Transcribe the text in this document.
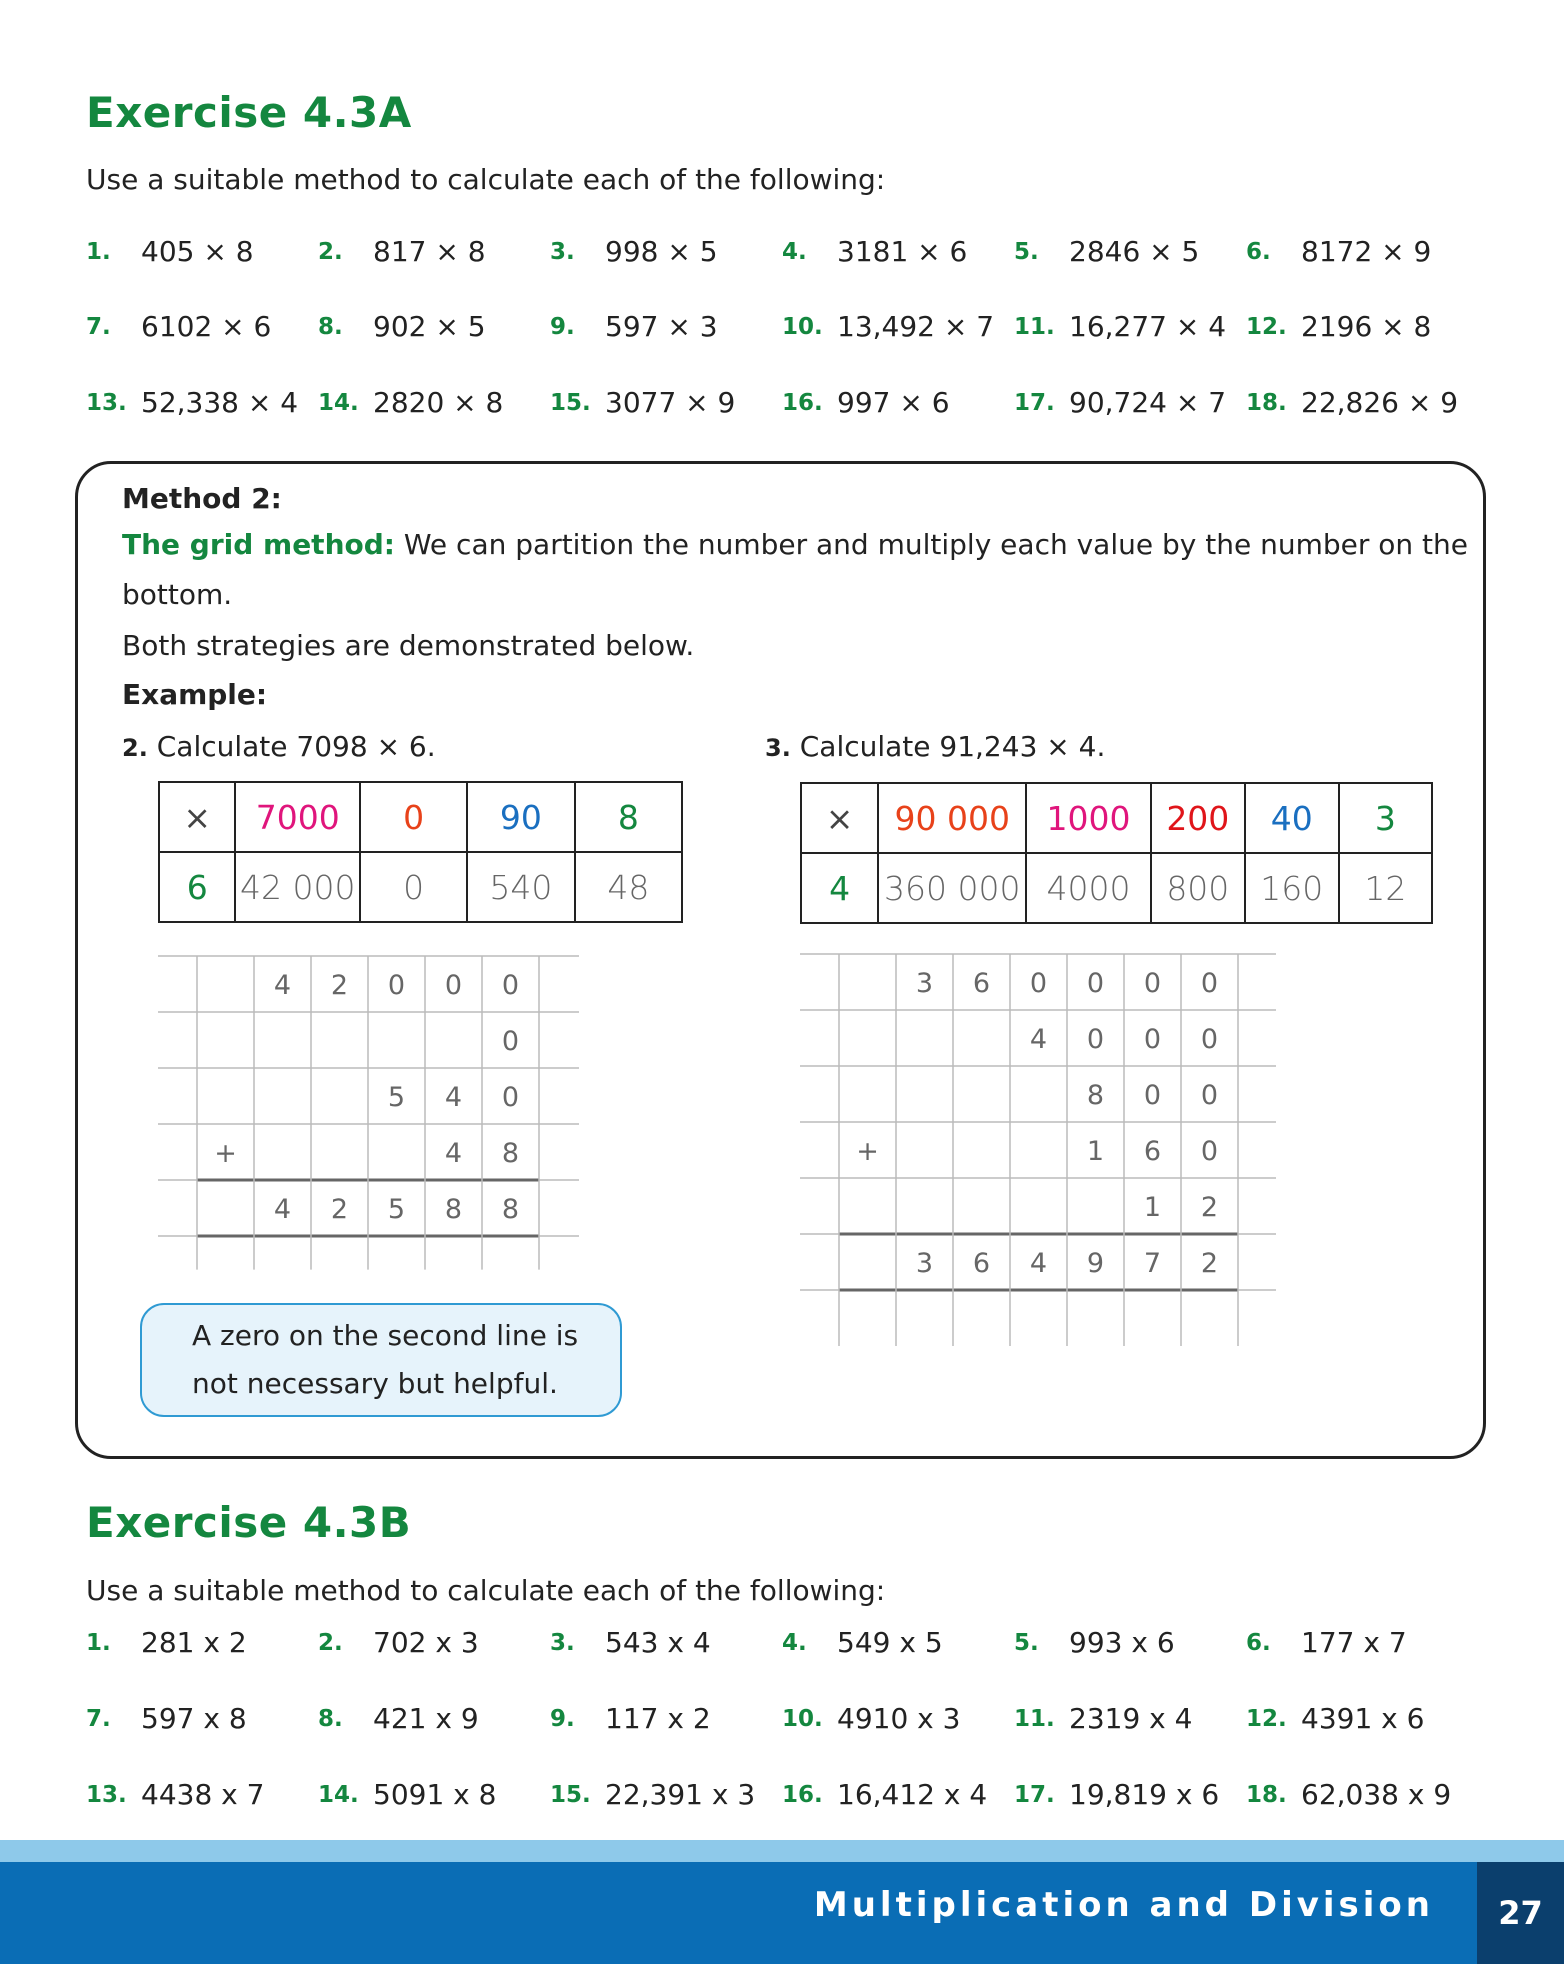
Exercise 4.3A
Use a suitable method to calculate each of the following:
1. 405 × 8	2. 817 × 8	3. 998 × 5	4. 3181 × 6 5. 2846 × 5 6. 8172 × 9
7. 6102 × 6 8. 902 × 5	9. 597 × 3	10. 13,492 × 7 11. 16,277 × 4 12. 2196 × 8
13. 52,338 × 4 14. 2820 × 8 15. 3077 × 9 16. 997 × 6	17. 90,724 × 7 18. 22,826 × 9
Method 2:
The grid method: We can partition the number and multiply each value by the number on the
bottom.
Both strategies are demonstrated below.
Example:
2. Calculate 7098 × 6.	3. Calculate 91,243 × 4.
×	7000	0	90	8
6	42 000	0	540	48
×	90 000	1000	200	40	3
4	360 000	4000	800	160	12
4 2 0 0 0
0
5 4 0
+	4 8
4 2 5 8 8
3 6 0 0 0 0
4 0 0 0
8 0 0
+	1 6 0
1 2
3 6 4 9 7 2
A zero on the second line is
not necessary but helpful.
Exercise 4.3B
Use a suitable method to calculate each of the following:
1. 281 x 2	2. 702 x 3	3. 543 x 4	4. 549 x 5	5. 993 x 6	6. 177 x 7
7. 597 x 8	8. 421 x 9	9. 117 x 2	10. 4910 x 3 11. 2319 x 4 12. 4391 x 6
13. 4438 x 7 14. 5091 x 8 15. 22,391 x 3 16. 16,412 x 4 17. 19,819 x 6 18. 62,038 x 9
Multiplication and Division	27
